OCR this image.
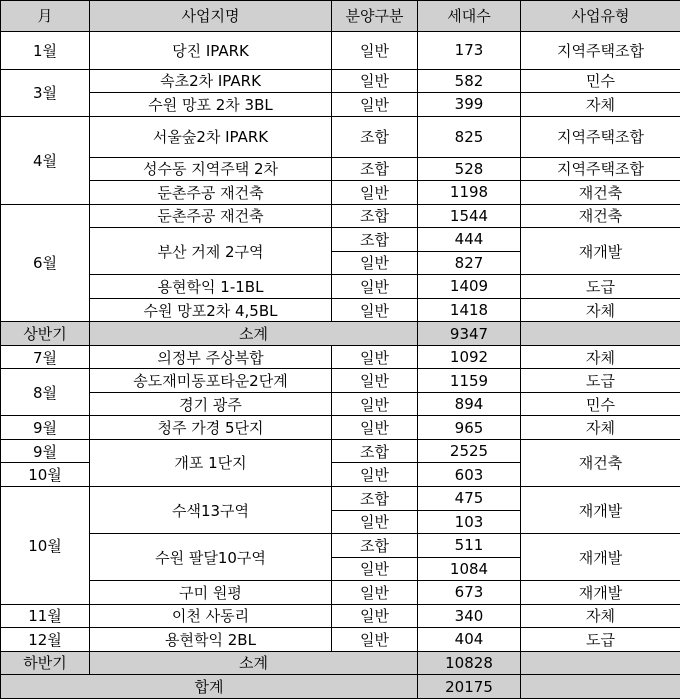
月	사업지명	분양구분	세대수	사업유형
1월	당진 IPARK	일반	173	지역주택조합
3월	속초2차 IPARK	일반	582	민수
	수원 망포 2차 3BL	일반	399	자체
4월	서울숲2차 IPARK	조합	825	지역주택조합
	성수동 지역주택 2차	조합	528	지역주택조합
	둔촌주공 재건축	일반	1198	재건축
6월	둔촌주공 재건축	조합	1544	재건축
	부산 거제 2구역	조합	444	재개발
		일반	827	
	용현학익 1-1BL	일반	1409	도급
	수원 망포2차 4,5BL	일반	1418	자체
상반기	소계		9347	
7월	의정부 주상복합	일반	1092	자체
8월	송도재미동포타운2단계	일반	1159	도급
	경기 광주	일반	894	민수
9월	청주 가경 5단지	일반	965	자체
9월	개포 1단지	조합	2525	재건축
10월		일반	603	
10월	수색13구역	조합	475	재개발
		일반	103	
	수원 팔달10구역	조합	511	재개발
		일반	1084	
	구미 원평	일반	673	재개발
11월	이천 사동리	일반	340	자체
12월	용현학익 2BL	일반	404	도급
하반기	소계		10828	
합계			20175	
